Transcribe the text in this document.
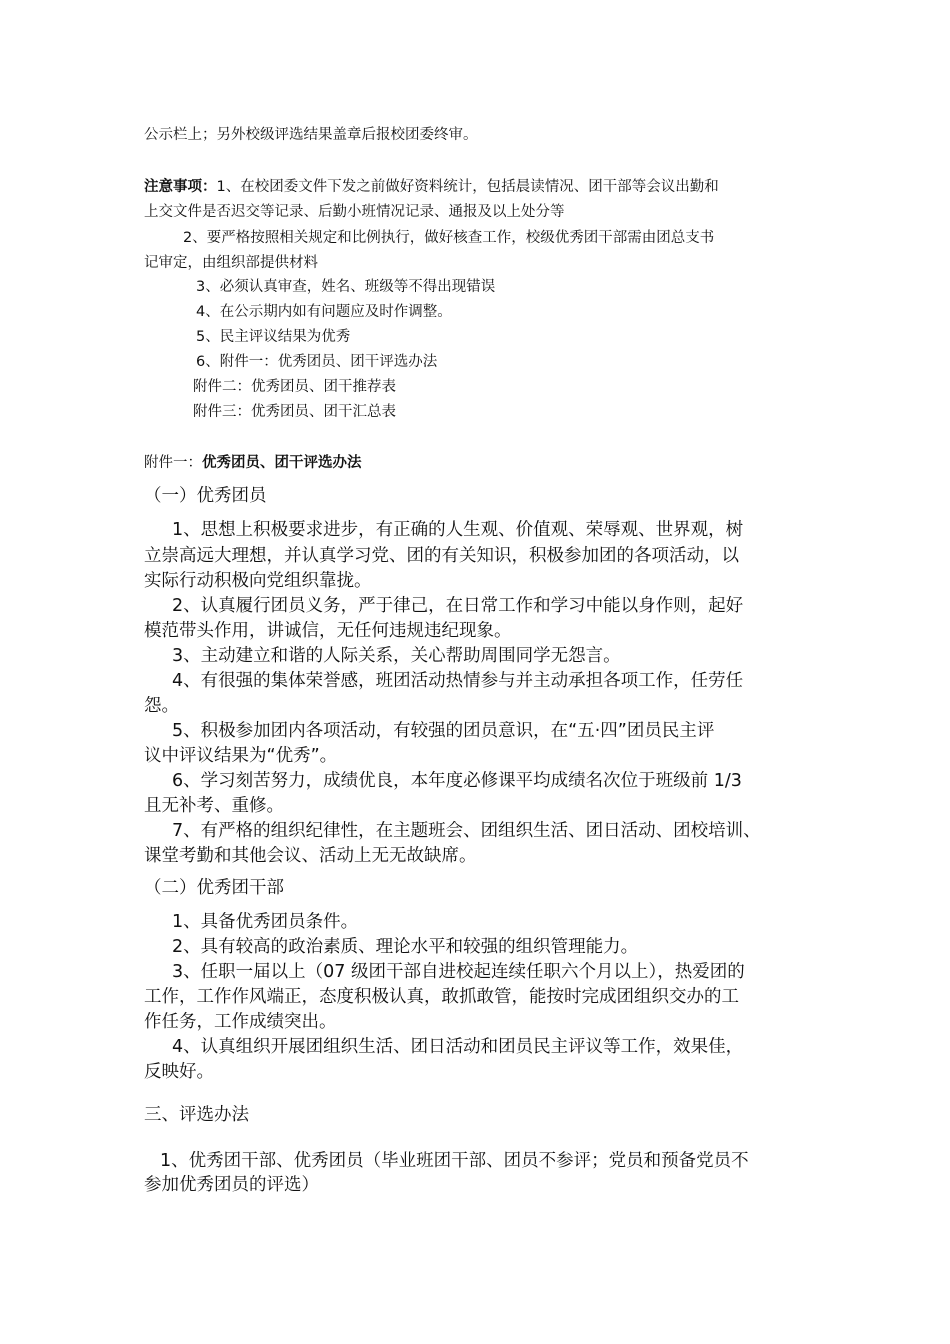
公示栏上；另外校级评选结果盖章后报校团委终审。
注意事项：1、在校团委文件下发之前做好资料统计，包括晨读情况、团干部等会议出勤和
上交文件是否迟交等记录、后勤小班情况记录、通报及以上处分等
2、要严格按照相关规定和比例执行，做好核查工作，校级优秀团干部需由团总支书
记审定，由组织部提供材料
3、必须认真审查，姓名、班级等不得出现错误
4、在公示期内如有问题应及时作调整。
5、民主评议结果为优秀
6、附件一：优秀团员、团干评选办法
附件二：优秀团员、团干推荐表
附件三：优秀团员、团干汇总表
附件一：优秀团员、团干评选办法
（一）优秀团员
1、思想上积极要求进步，有正确的人生观、价值观、荣辱观、世界观，树
立崇高远大理想，并认真学习党、团的有关知识，积极参加团的各项活动，以
实际行动积极向党组织靠拢。
2、认真履行团员义务，严于律己，在日常工作和学习中能以身作则，起好
模范带头作用，讲诚信，无任何违规违纪现象。
3、主动建立和谐的人际关系，关心帮助周围同学无怨言。
4、有很强的集体荣誉感，班团活动热情参与并主动承担各项工作，任劳任
怨。
5、积极参加团内各项活动，有较强的团员意识，在“五·四”团员民主评
议中评议结果为“优秀”。
6、学习刻苦努力，成绩优良，本年度必修课平均成绩名次位于班级前 1/3
且无补考、重修。
7、有严格的组织纪律性，在主题班会、团组织生活、团日活动、团校培训、
课堂考勤和其他会议、活动上无无故缺席。
（二）优秀团干部
1、具备优秀团员条件。
2、具有较高的政治素质、理论水平和较强的组织管理能力。
3、任职一届以上（07 级团干部自进校起连续任职六个月以上），热爱团的
工作，工作作风端正，态度积极认真，敢抓敢管，能按时完成团组织交办的工
作任务，工作成绩突出。
4、认真组织开展团组织生活、团日活动和团员民主评议等工作，效果佳，
反映好。
三、评选办法
1、优秀团干部、优秀团员（毕业班团干部、团员不参评；党员和预备党员不
参加优秀团员的评选）
